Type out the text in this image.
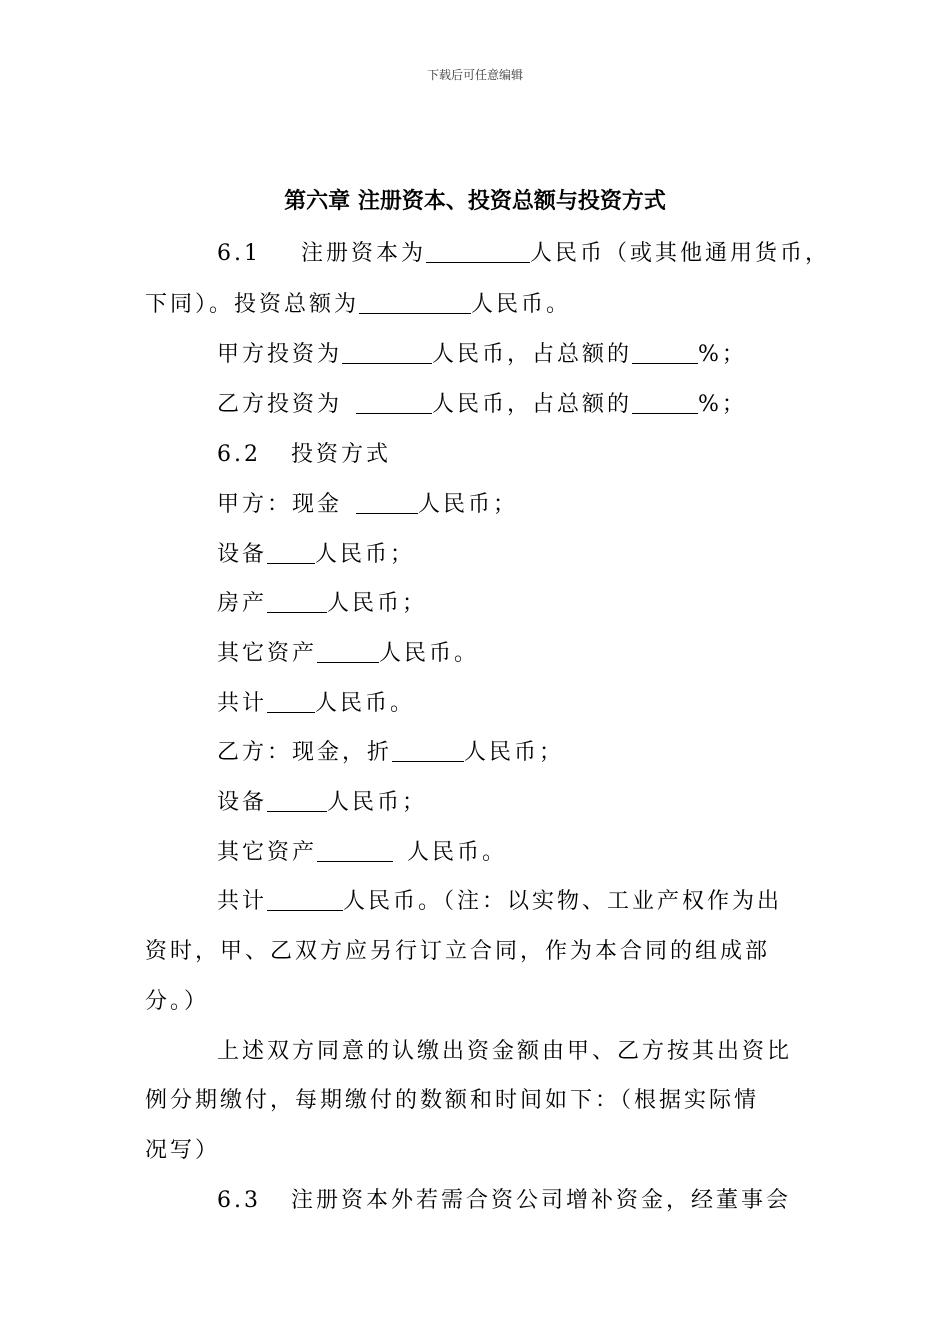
下载后可任意编辑
第六章 注册资本、投资总额与投资方式
6.1 注册资本为	人民币（或其他通用货币，
下同）。投资总额为	人民币。
甲方投资为	人民币，占总额的	%；
乙方投资为	人民币，占总额的	%；
6.2 投资方式
甲方：现金	人民币；
设备 人民币；
房产	人民币；
其它资产	人民币。
共计 人民币。
乙方：现金，折	人民币；
设备	人民币；
其它资产	人民币。
共计	人民币。（注：以实物、工业产权作为出
资时，甲、乙双方应另行订立合同，作为本合同的组成部
分。）
上述双方同意的认缴出资金额由甲、乙方按其出资比
例分期缴付，每期缴付的数额和时间如下：（根据实际情
况写）
6.3 注册资本外若需合资公司增补资金，经董事会
